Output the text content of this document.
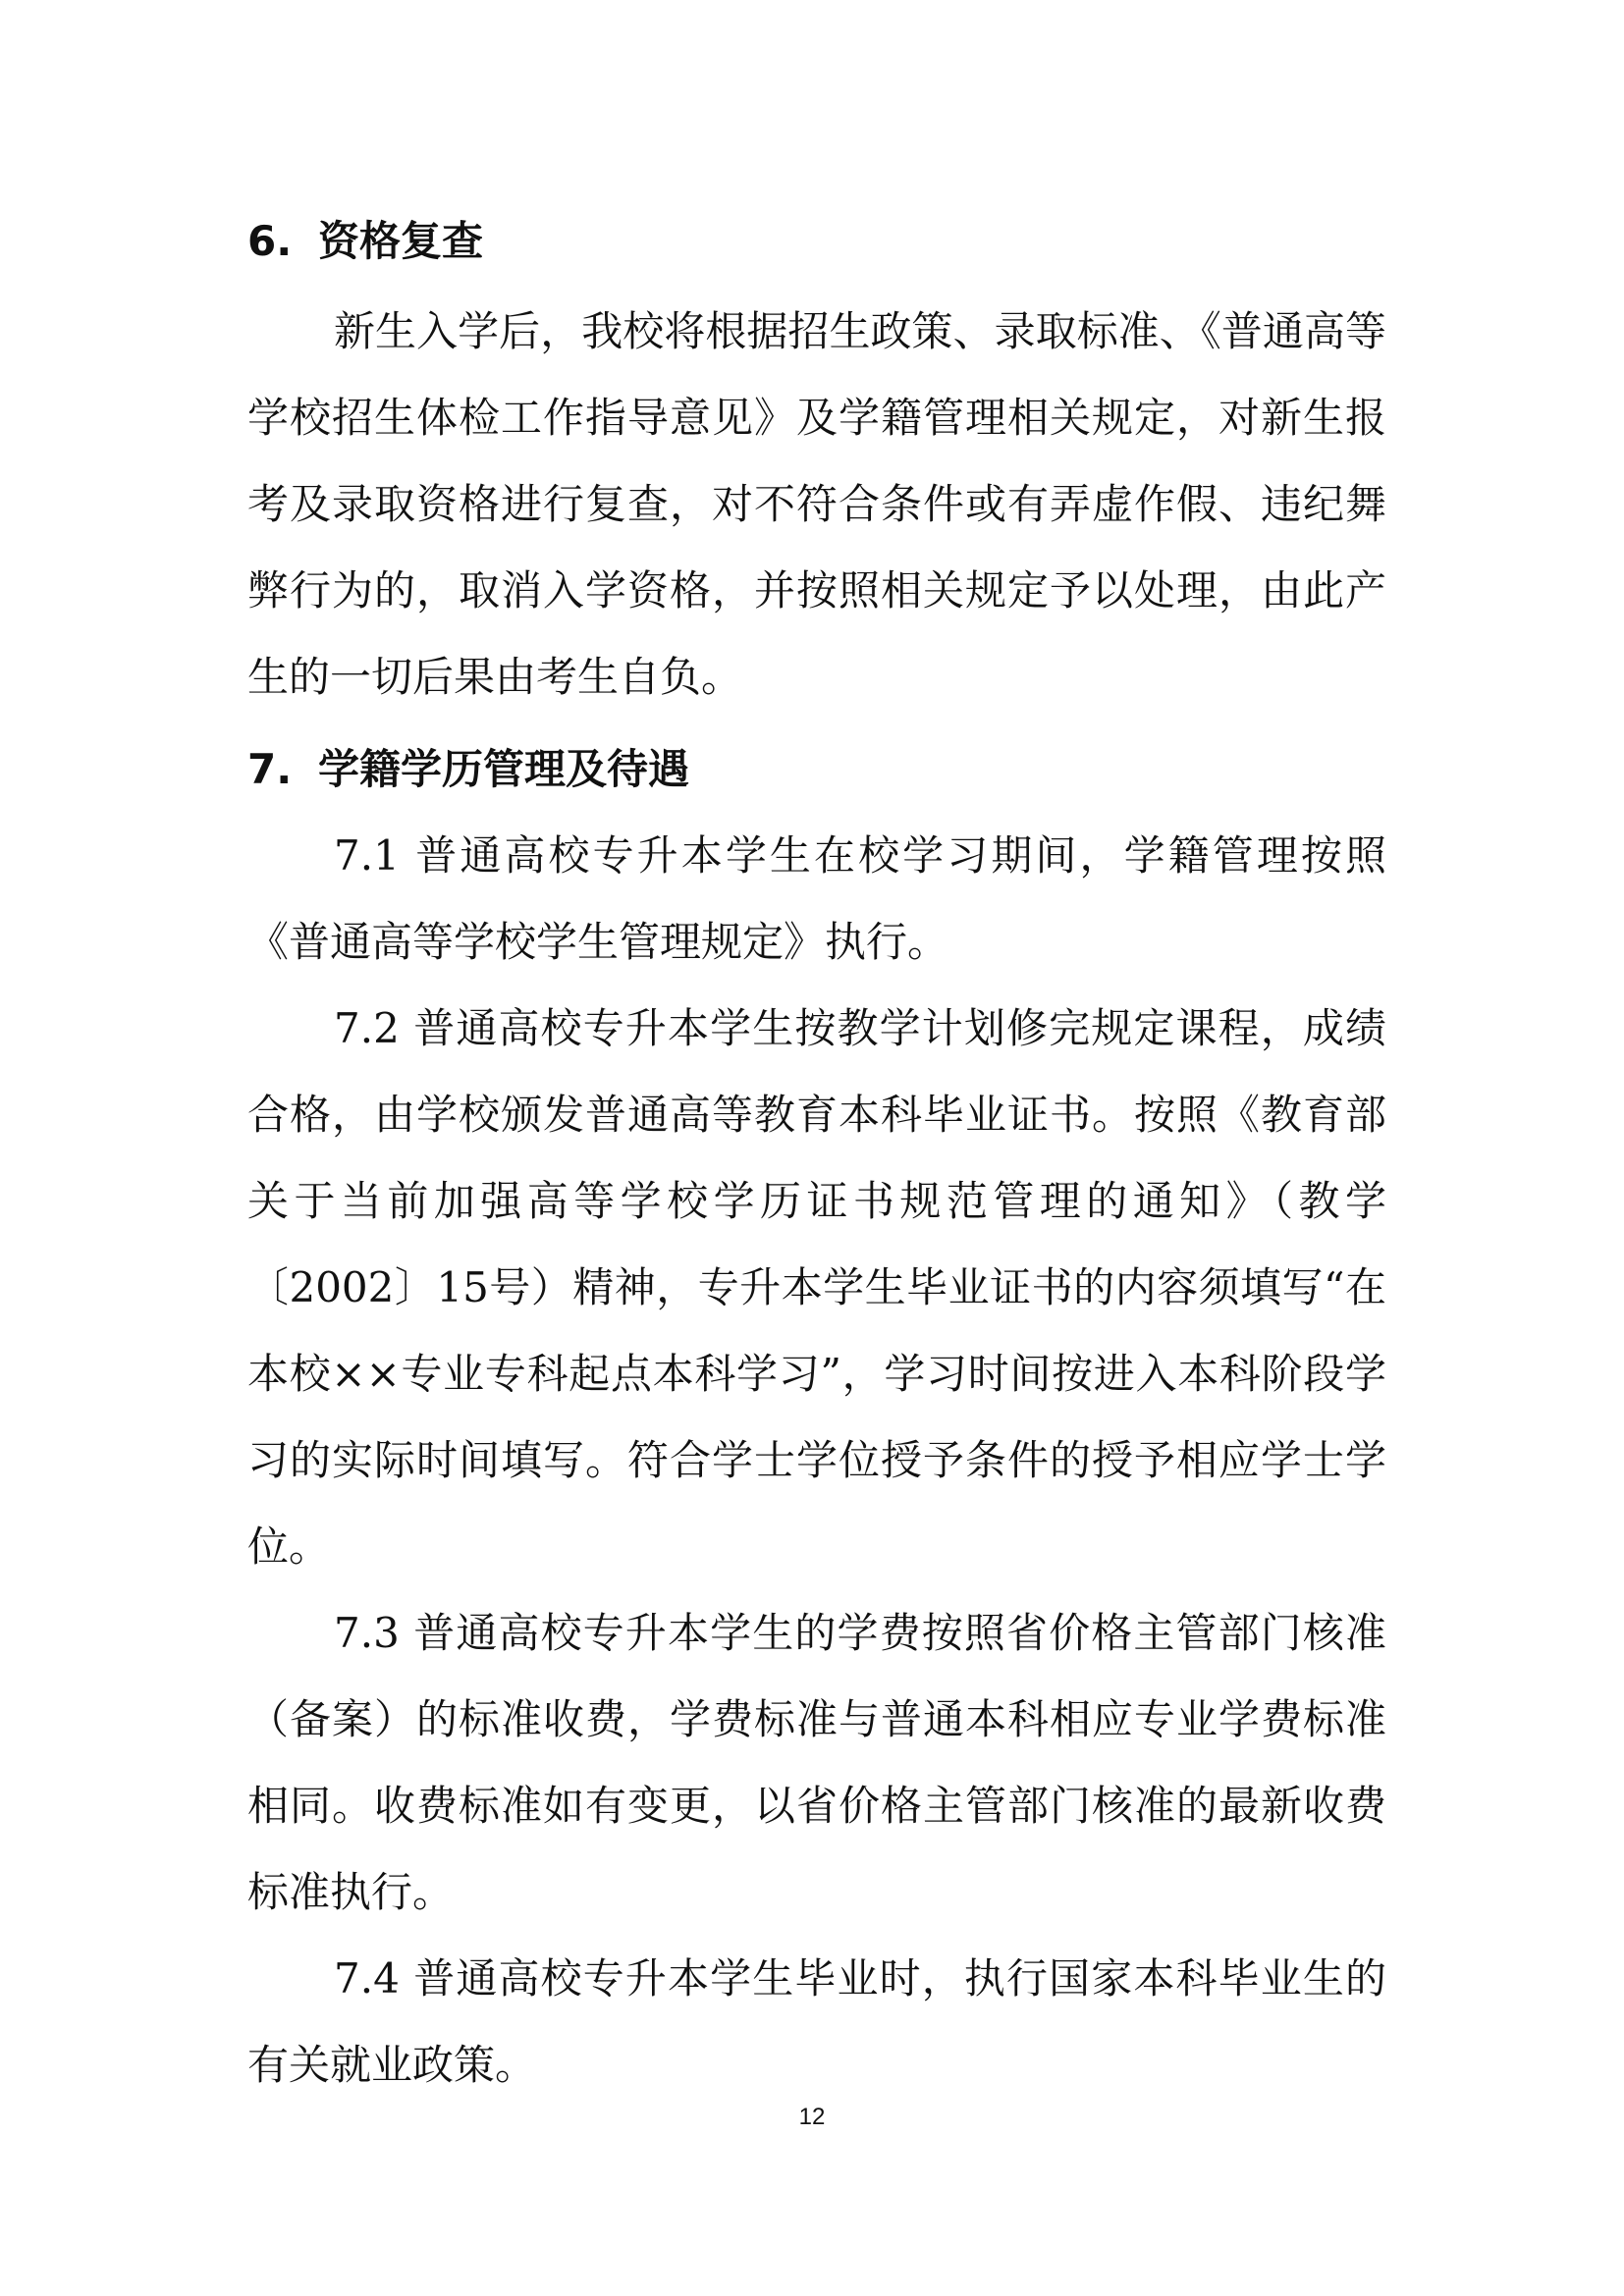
6. 资格复查

新生入学后，我校将根据招生政策、录取标准、《普通高等学校招生体检工作指导意见》及学籍管理相关规定，对新生报考及录取资格进行复查，对不符合条件或有弄虚作假、违纪舞弊行为的，取消入学资格，并按照相关规定予以处理，由此产生的一切后果由考生自负。

7. 学籍学历管理及待遇

7.1 普通高校专升本学生在校学习期间，学籍管理按照《普通高等学校学生管理规定》执行。

7.2 普通高校专升本学生按教学计划修完规定课程，成绩合格，由学校颁发普通高等教育本科毕业证书。按照《教育部关于当前加强高等学校学历证书规范管理的通知》（教学〔2002〕15号）精神，专升本学生毕业证书的内容须填写“在本校××专业专科起点本科学习”，学习时间按进入本科阶段学习的实际时间填写。符合学士学位授予条件的授予相应学士学位。

7.3 普通高校专升本学生的学费按照省价格主管部门核准（备案）的标准收费，学费标准与普通本科相应专业学费标准相同。收费标准如有变更，以省价格主管部门核准的最新收费标准执行。

7.4 普通高校专升本学生毕业时，执行国家本科毕业生的有关就业政策。

12
